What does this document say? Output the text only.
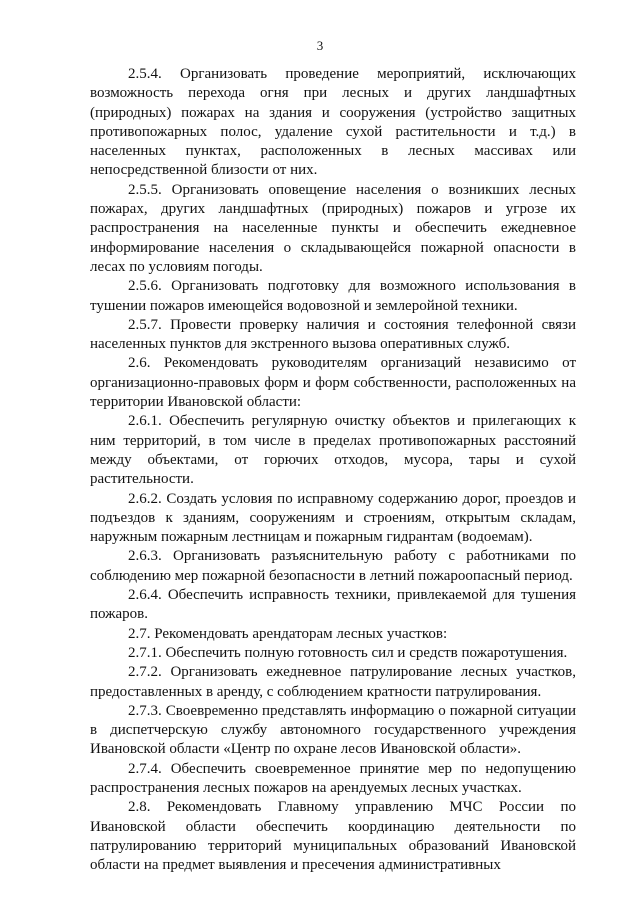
3

2.5.4. Организовать проведение мероприятий, исключающих возможность перехода огня при лесных и других ландшафтных (природных) пожарах на здания и сооружения (устройство защитных противопожарных полос, удаление сухой растительности и т.д.) в населенных пунктах, расположенных в лесных массивах или непосредственной близости от них.

2.5.5. Организовать оповещение населения о возникших лесных пожарах, других ландшафтных (природных) пожаров и угрозе их распространения на населенные пункты и обеспечить ежедневное информирование населения о складывающейся пожарной опасности в лесах по условиям погоды.

2.5.6. Организовать подготовку для возможного использования в тушении пожаров имеющейся водовозной и землеройной техники.

2.5.7. Провести проверку наличия и состояния телефонной связи населенных пунктов для экстренного вызова оперативных служб.

2.6. Рекомендовать руководителям организаций независимо от организационно-правовых форм и форм собственности, расположенных на территории Ивановской области:

2.6.1. Обеспечить регулярную очистку объектов и прилегающих к ним территорий, в том числе в пределах противопожарных расстояний между объектами, от горючих отходов, мусора, тары и сухой растительности.

2.6.2. Создать условия по исправному содержанию дорог, проездов и подъездов к зданиям, сооружениям и строениям, открытым складам, наружным пожарным лестницам и пожарным гидрантам (водоемам).

2.6.3. Организовать разъяснительную работу с работниками по соблюдению мер пожарной безопасности в летний пожароопасный период.

2.6.4. Обеспечить исправность техники, привлекаемой для тушения пожаров.

2.7. Рекомендовать арендаторам лесных участков:

2.7.1. Обеспечить полную готовность сил и средств пожаротушения.

2.7.2. Организовать ежедневное патрулирование лесных участков, предоставленных в аренду, с соблюдением кратности патрулирования.

2.7.3. Своевременно представлять информацию о пожарной ситуации в диспетчерскую службу автономного государственного учреждения Ивановской области «Центр по охране лесов Ивановской области».

2.7.4. Обеспечить своевременное принятие мер по недопущению распространения лесных пожаров на арендуемых лесных участках.

2.8. Рекомендовать Главному управлению МЧС России по Ивановской области обеспечить координацию деятельности по патрулированию территорий муниципальных образований Ивановской области на предмет выявления и пресечения административных
